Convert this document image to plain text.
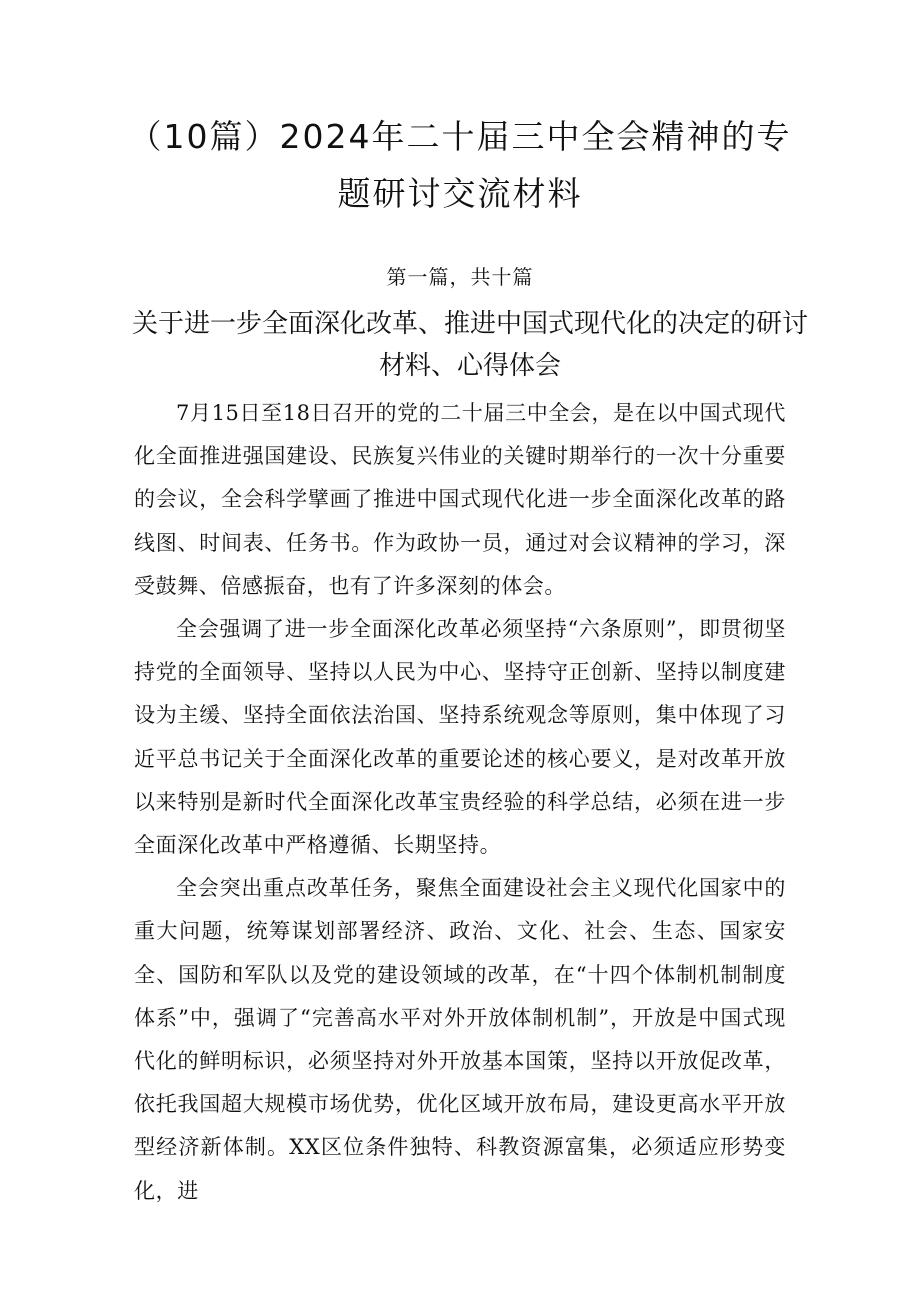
（10篇）2024年二十届三中全会精神的专题研讨交流材料
第一篇，共十篇
关于进一步全面深化改革、推进中国式现代化的决定的研讨材料、心得体会

7月15日至18日召开的党的二十届三中全会，是在以中国式现代化全面推进强国建设、民族复兴伟业的关键时期举行的一次十分重要的会议，全会科学擘画了推进中国式现代化进一步全面深化改革的路线图、时间表、任务书。作为政协一员，通过对会议精神的学习，深受鼓舞、倍感振奋，也有了许多深刻的体会。

全会强调了进一步全面深化改革必须坚持“六条原则”，即贯彻坚持党的全面领导、坚持以人民为中心、坚持守正创新、坚持以制度建设为主缓、坚持全面依法治国、坚持系统观念等原则，集中体现了习近平总书记关于全面深化改革的重要论述的核心要义，是对改革开放以来特别是新时代全面深化改革宝贵经验的科学总结，必须在进一步全面深化改革中严格遵循、长期坚持。

全会突出重点改革任务，聚焦全面建设社会主义现代化国家中的重大问题，统筹谋划部署经济、政治、文化、社会、生态、国家安全、国防和军队以及党的建设领域的改革，在“十四个体制机制制度体系”中，强调了“完善高水平对外开放体制机制”，开放是中国式现代化的鲜明标识，必须坚持对外开放基本国策，坚持以开放促改革，依托我国超大规模市场优势，优化区域开放布局，建设更高水平开放型经济新体制。XX区位条件独特、科教资源富集，必须适应形势变化，进
